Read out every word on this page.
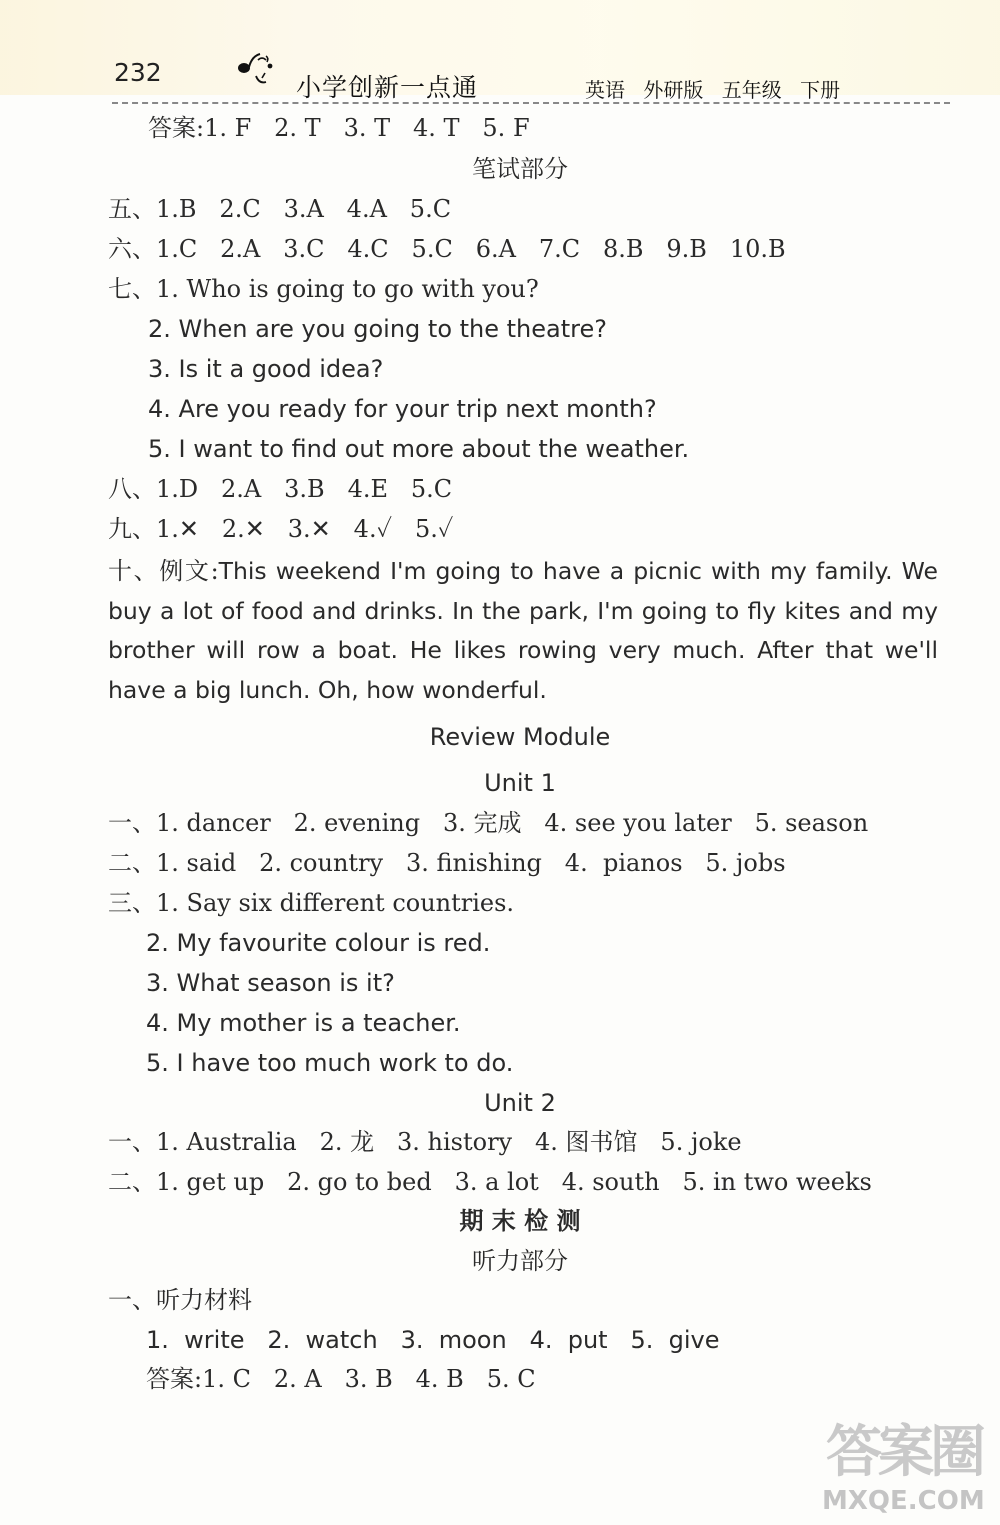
232
小学创新一点通	英语 外研版 五年级 下册
答案:1. F   2. T   3. T   4. T   5. F
笔试部分
五、1.B   2.C   3.A   4.A   5.C
六、1.C   2.A   3.C   4.C   5.C   6.A   7.C   8.B   9.B   10.B
七、1. Who is going to go with you?
2. When are you going to the theatre?
3. Is it a good idea?
4. Are you ready for your trip next month?
5. I want to find out more about the weather.
八、1.D   2.A   3.B   4.E   5.C
九、1.✕   2.✕   3.✕   4.✓   5.✓
十、例文:This weekend I'm going to have a picnic with my family. We buy a lot of food and drinks. In the park, I'm going to fly kites and my brother will row a boat. He likes rowing very much. After that we'll have a big lunch. Oh, how wonderful.
Review Module
Unit 1
一、1. dancer   2. evening   3. 完成   4. see you later   5. season
二、1. said   2. country   3. finishing   4.  pianos   5. jobs
三、1. Say six different countries.
2. My favourite colour is red.
3. What season is it?
4. My mother is a teacher.
5. I have too much work to do.
Unit 2
一、1. Australia   2. 龙   3. history   4. 图书馆   5. joke
二、1. get up   2. go to bed   3. a lot   4. south   5. in two weeks
期 末 检 测
听力部分
一、听力材料
1.  write   2.  watch   3.  moon   4.  put   5.  give
答案:1. C   2. A   3. B   4. B   5. C
答案圈
MXQE.COM
